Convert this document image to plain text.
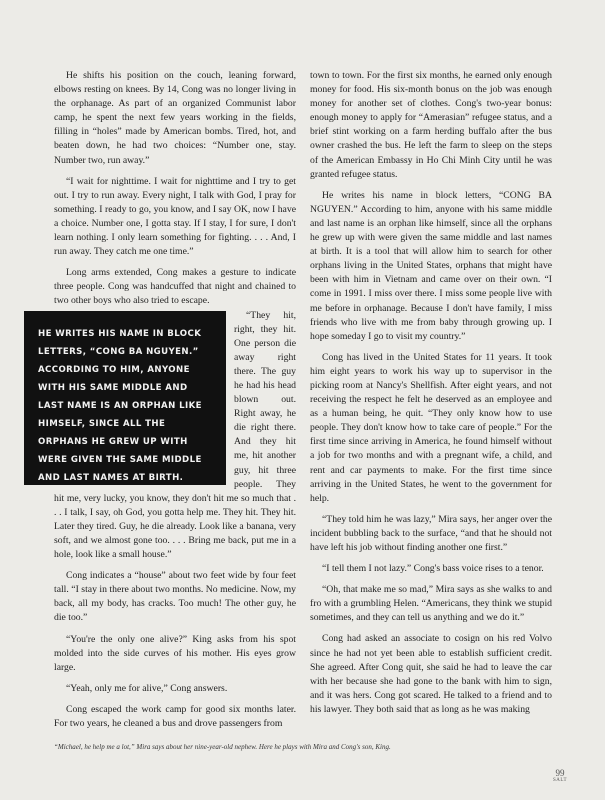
He shifts his position on the couch, leaning forward, elbows resting on knees. By 14, Cong was no longer living in the orphanage. As part of an organized Communist labor camp, he spent the next few years working in the fields, filling in “holes” made by American bombs. Tired, hot, and beaten down, he had two choices: “Number one, stay. Number two, run away.”

“I wait for nighttime. I wait for nighttime and I try to get out. I try to run away. Every night, I talk with God, I pray for something. I ready to go, you know, and I say OK, now I have a choice. Number one, I gotta stay. If I stay, I for sure, I don't learn nothing. I only learn something for fighting. . . . And, I run away. They catch me one time.”

Long arms extended, Cong makes a gesture to indicate three people. Cong was handcuffed that night and chained to two other boys who also tried to escape.

HE WRITES HIS NAME IN BLOCK LETTERS, “CONG BA NGUYEN.” ACCORDING TO HIM, ANYONE WITH HIS SAME MIDDLE AND LAST NAME IS AN ORPHAN LIKE HIMSELF, SINCE ALL THE ORPHANS HE GREW UP WITH WERE GIVEN THE SAME MIDDLE AND LAST NAMES AT BIRTH.

“They hit, right, they hit. One person die away right there. The guy he had his head blown out. Right away, he die right there. And they hit me, hit another guy, hit three people. They hit me, very lucky, you know, they don't hit me so much that . . . I talk, I say, oh God, you gotta help me. They hit. They hit. Later they tired. Guy, he die already. Look like a banana, very soft, and we almost gone too. . . . Bring me back, put me in a hole, look like a small house.”

Cong indicates a “house” about two feet wide by four feet tall. “I stay in there about two months. No medicine. Now, my back, all my body, has cracks. Too much! The other guy, he die too.”

“You're the only one alive?” King asks from his spot molded into the side curves of his mother. His eyes grow large.

“Yeah, only me for alive,” Cong answers.

Cong escaped the work camp for good six months later. For two years, he cleaned a bus and drove passengers from

town to town. For the first six months, he earned only enough money for food. His six-month bonus on the job was enough money for another set of clothes. Cong's two-year bonus: enough money to apply for “Amerasian” refugee status, and a brief stint working on a farm herding buffalo after the bus owner crashed the bus. He left the farm to sleep on the steps of the American Embassy in Ho Chi Minh City until he was granted refugee status.

He writes his name in block letters, “CONG BA NGUYEN.” According to him, anyone with his same middle and last name is an orphan like himself, since all the orphans he grew up with were given the same middle and last names at birth. It is a tool that will allow him to search for other orphans living in the United States, orphans that might have been with him in Vietnam and came over on their own. “I come in 1991. I miss over there. I miss some people live with me before in orphanage. Because I don't have family, I miss friends who live with me from baby through growing up. I hope someday I go to visit my country.”

Cong has lived in the United States for 11 years. It took him eight years to work his way up to supervisor in the picking room at Nancy's Shellfish. After eight years, and not receiving the respect he felt he deserved as an employee and as a human being, he quit. “They only know how to use people. They don't know how to take care of people.” For the first time since arriving in America, he found himself without a job for two months and with a pregnant wife, a child, and rent and car payments to make. For the first time since arriving in the United States, he went to the government for help.

“They told him he was lazy,” Mira says, her anger over the incident bubbling back to the surface, “and that he should not have left his job without finding another one first.”

“I tell them I not lazy.” Cong's bass voice rises to a tenor.

“Oh, that make me so mad,” Mira says as she walks to and fro with a grumbling Helen. “Americans, they think we stupid sometimes, and they can tell us anything and we do it.”

Cong had asked an associate to cosign on his red Volvo since he had not yet been able to establish sufficient credit. She agreed. After Cong quit, she said he had to leave the car with her because she had gone to the bank with him to sign, and it was hers. Cong got scared. He talked to a friend and to his lawyer. They both said that as long as he was making

“Michael, he help me a lot,” Mira says about her nine-year-old nephew. Here he plays with Mira and Cong's son, King.
99
SALT
